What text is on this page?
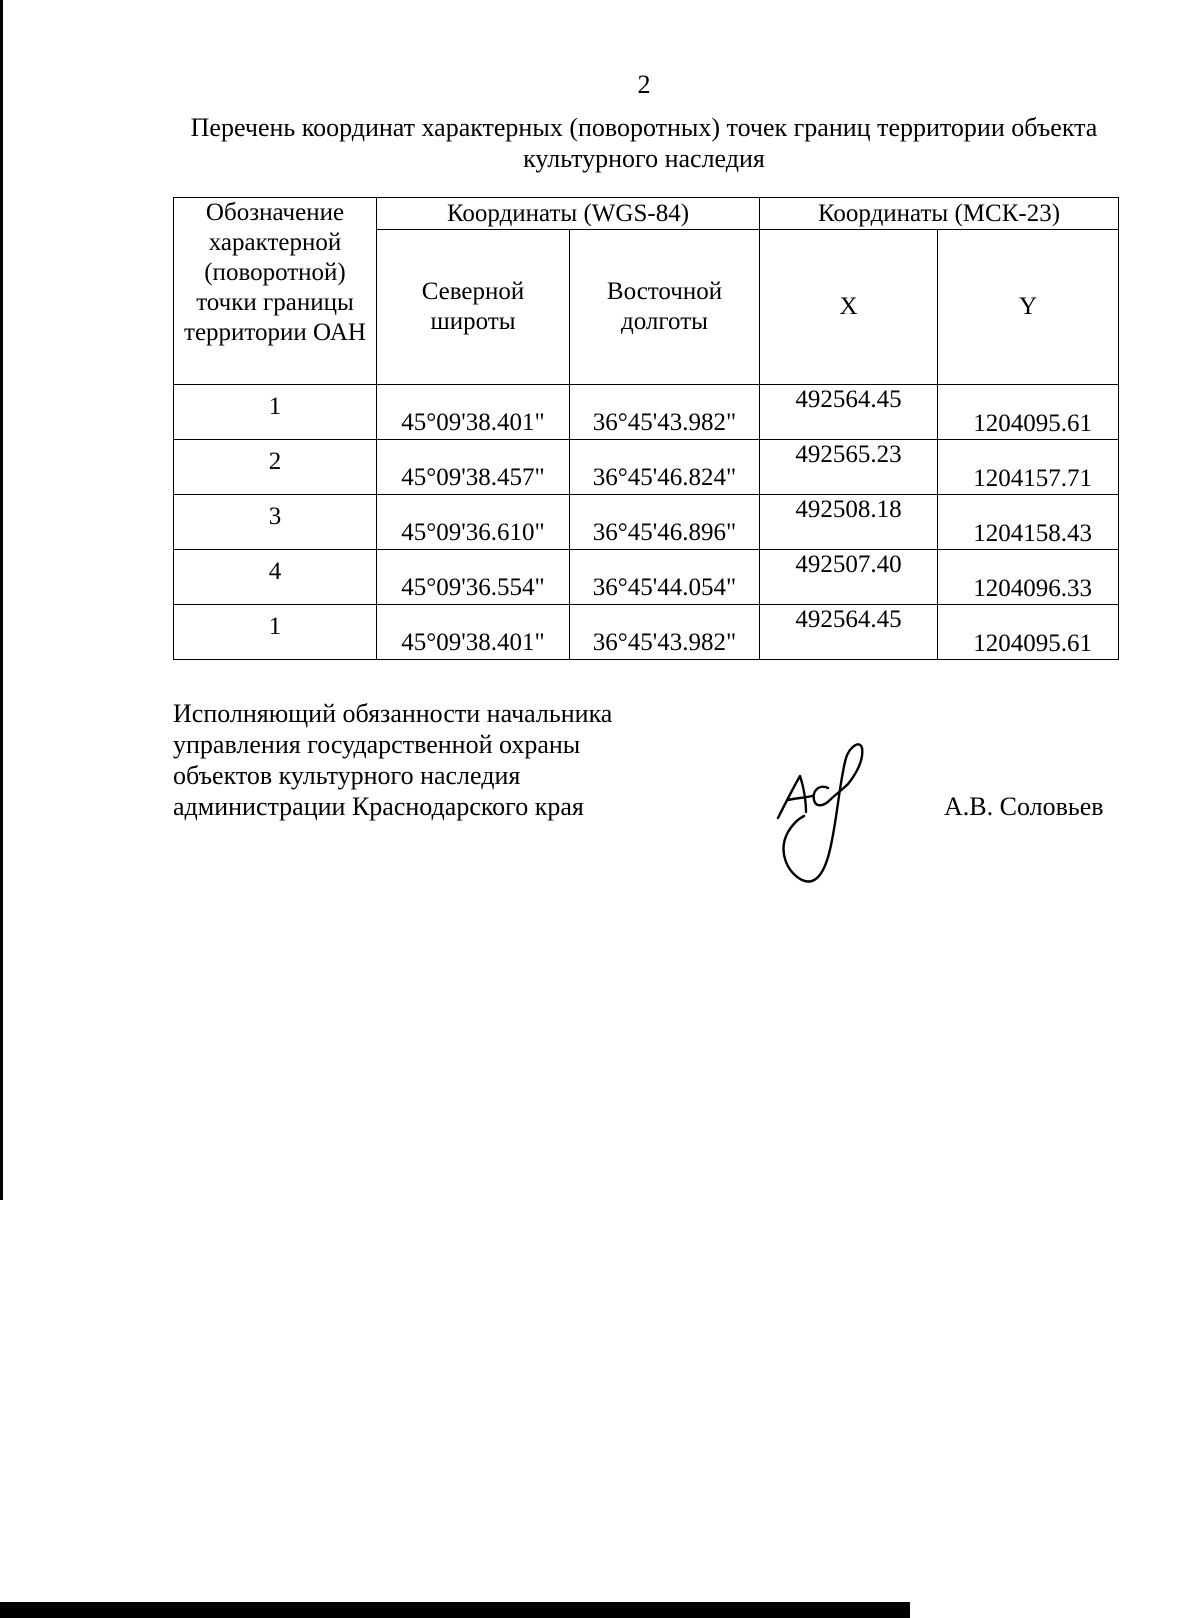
2
Перечень координат характерных (поворотных) точек границ территории объекта культурного наследия
Обозначение характерной (поворотной) точки границы территории ОАН	Координаты (WGS-84)		Координаты (МСК-23)	
	Северной широты	Восточной долготы	X	Y
1	45°09'38.401"	36°45'43.982"	492564.45	1204095.61
2	45°09'38.457"	36°45'46.824"	492565.23	1204157.71
3	45°09'36.610"	36°45'46.896"	492508.18	1204158.43
4	45°09'36.554"	36°45'44.054"	492507.40	1204096.33
1	45°09'38.401"	36°45'43.982"	492564.45	1204095.61
Исполняющий обязанности начальника
управления государственной охраны
объектов культурного наследия
администрации Краснодарского края	А.В. Соловьев
